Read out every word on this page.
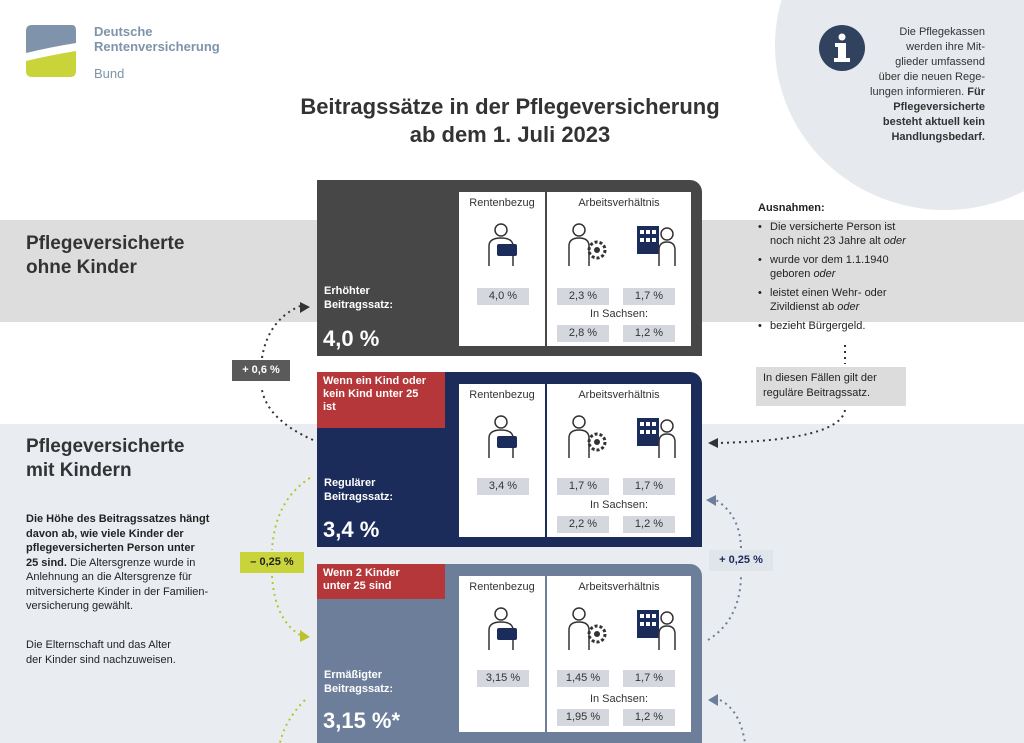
Deutsche
Rentenversicherung
Bund
Beitragssätze in der Pflegeversicherung
ab dem 1. Juli 2023
Die Pflegekassen
werden ihre Mit-
glieder umfassend
über die neuen Rege-
lungen informieren. Für
Pflegeversicherte
besteht aktuell kein
Handlungsbedarf.
Pflegeversicherte
ohne Kinder
Pflegeversicherte
mit Kindern
Die Höhe des Beitragssatzes hängt
davon ab, wie viele Kinder der
pflegeversicherten Person unter
25 sind. Die Altersgrenze wurde in
Anlehnung an die Altersgrenze für
mitversicherte Kinder in der Familien-
versicherung gewählt.
Die Elternschaft und das Alter
der Kinder sind nachzuweisen.
Erhöhter
Beitragssatz:
4,0 %
Rentenbezug	Arbeitsverhältnis
4,0 %	2,3 %	1,7 %
In Sachsen:
2,8 %	1,2 %
Wenn ein Kind oder
kein Kind unter 25
ist
Regulärer
Beitragssatz:
3,4 %
Rentenbezug	Arbeitsverhältnis
3,4 %	1,7 %	1,7 %
In Sachsen:
2,2 %	1,2 %
Wenn 2 Kinder
unter 25 sind
Ermäßigter
Beitragssatz:
3,15 %*
Rentenbezug	Arbeitsverhältnis
3,15 %	1,45 %	1,7 %
In Sachsen:
1,95 %	1,2 %
Ausnahmen:
• Die versicherte Person ist
noch nicht 23 Jahre alt oder
• wurde vor dem 1.1.1940
geboren oder
• leistet einen Wehr- oder
Zivildienst ab oder
• bezieht Bürgergeld.
In diesen Fällen gilt der
reguläre Beitragssatz.
+ 0,6 %
– 0,25 %	+ 0,25 %
